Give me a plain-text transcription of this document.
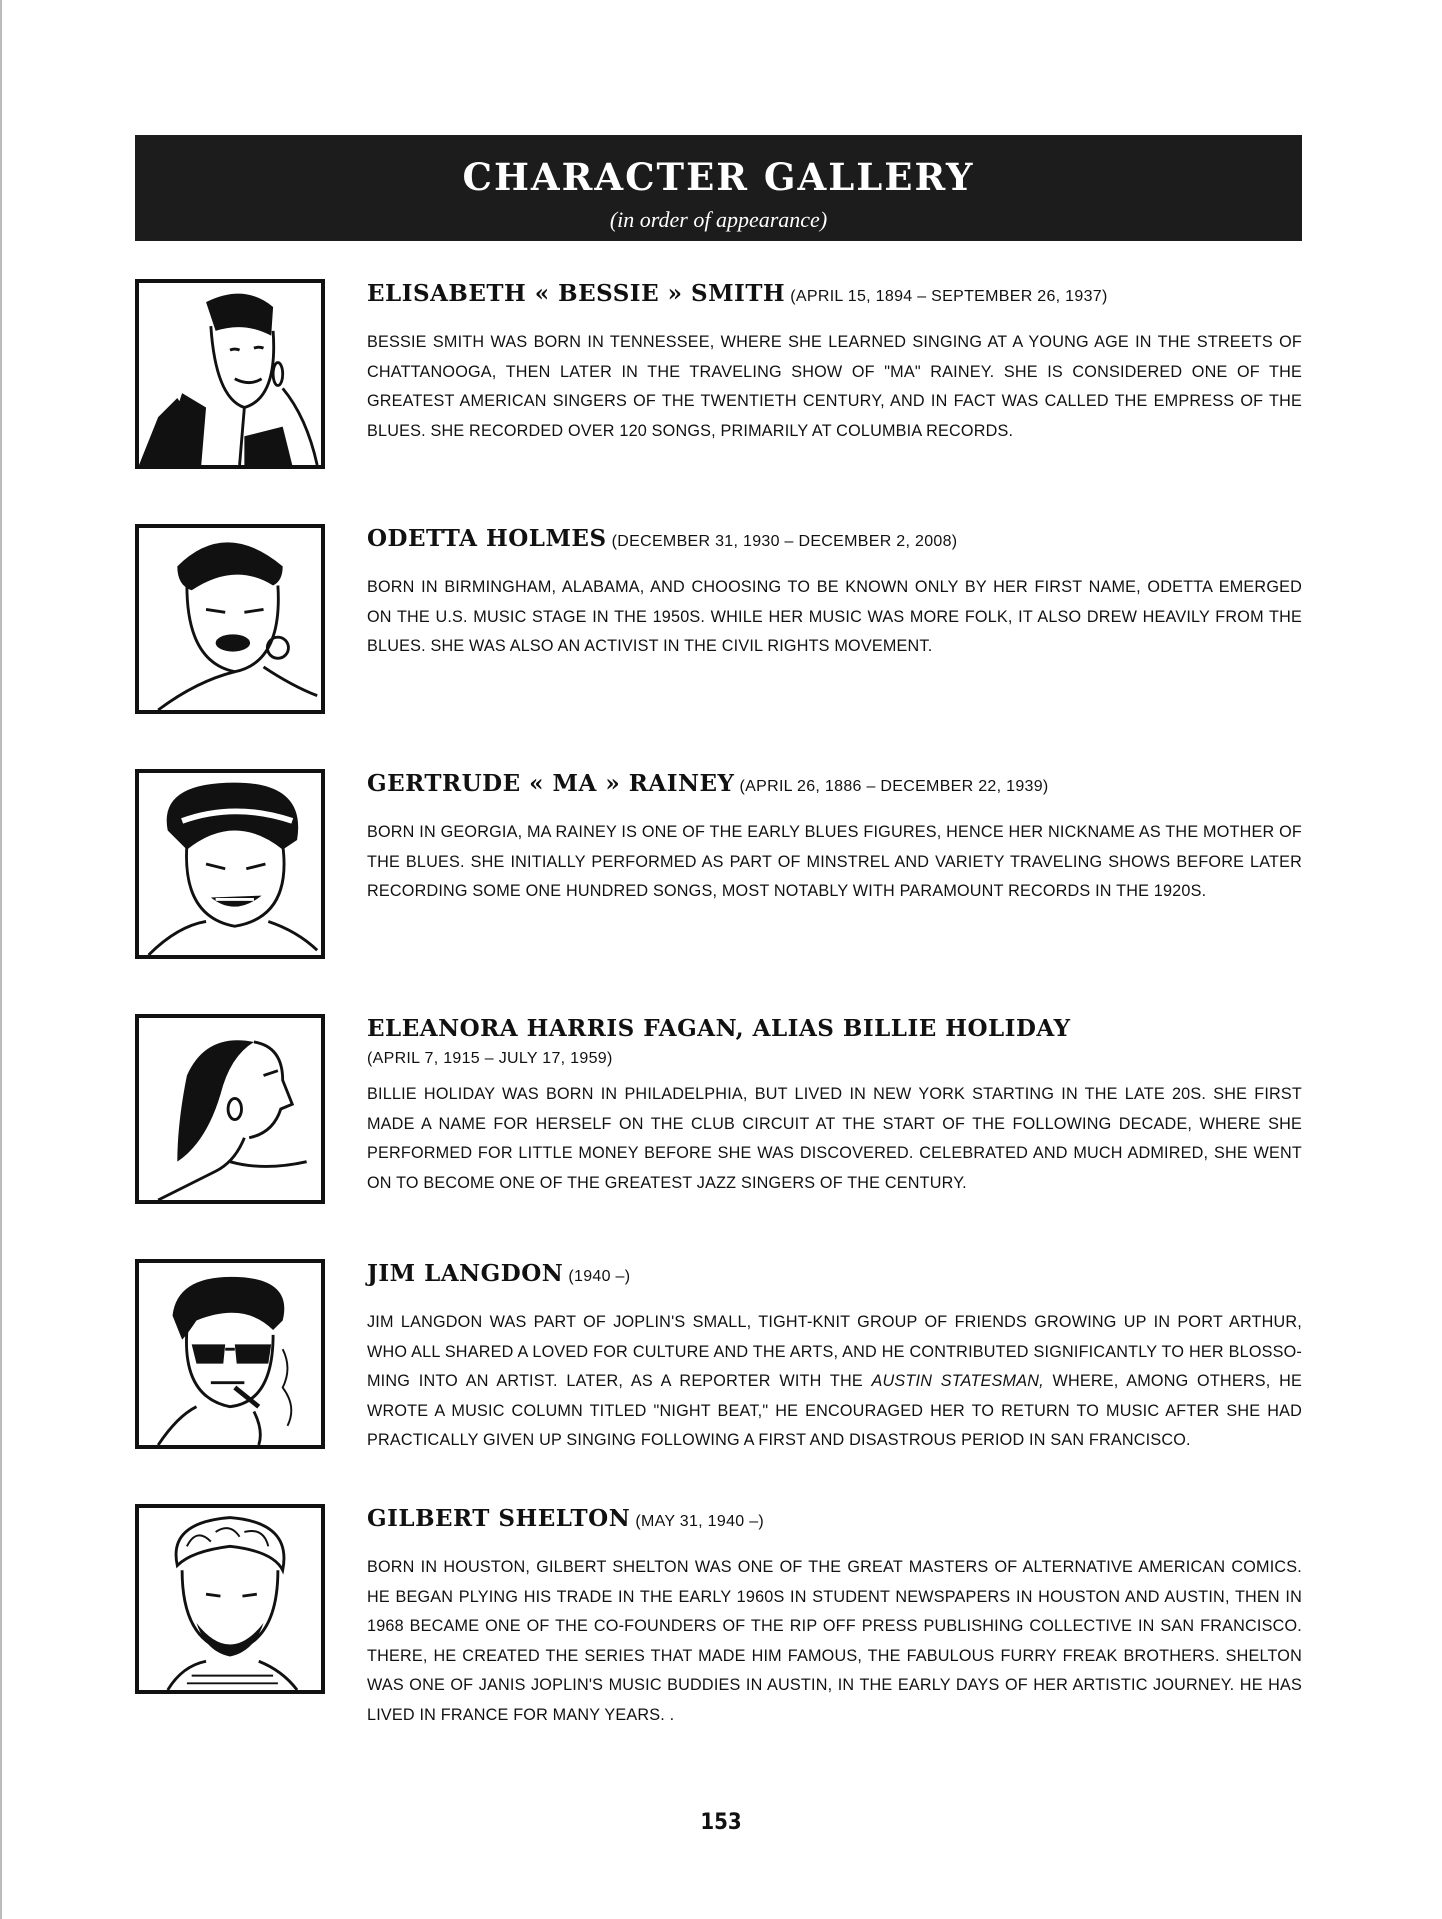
CHARACTER GALLERY
(in order of appearance)

ELISABETH « BESSIE » SMITH (APRIL 15, 1894 – SEPTEMBER 26, 1937)

BESSIE SMITH WAS BORN IN TENNESSEE, WHERE SHE LEARNED SINGING AT A YOUNG AGE IN THE STREETS OF CHATTANOOGA, THEN LATER IN THE TRAVELING SHOW OF "MA" RAINEY. SHE IS CONSIDERED ONE OF THE GREATEST AMERICAN SINGERS OF THE TWENTIETH CENTURY, AND IN FACT WAS CALLED THE EMPRESS OF THE BLUES. SHE RECORDED OVER 120 SONGS, PRIMARILY AT COLUMBIA RECORDS.

ODETTA HOLMES (DECEMBER 31, 1930 – DECEMBER 2, 2008)

BORN IN BIRMINGHAM, ALABAMA, AND CHOOSING TO BE KNOWN ONLY BY HER FIRST NAME, ODETTA EMERGED ON THE U.S. MUSIC STAGE IN THE 1950S. WHILE HER MUSIC WAS MORE FOLK, IT ALSO DREW HEAVILY FROM THE BLUES. SHE WAS ALSO AN ACTIVIST IN THE CIVIL RIGHTS MOVEMENT.

GERTRUDE « MA » RAINEY (APRIL 26, 1886 – DECEMBER 22, 1939)

BORN IN GEORGIA, MA RAINEY IS ONE OF THE EARLY BLUES FIGURES, HENCE HER NICKNAME AS THE MOTHER OF THE BLUES. SHE INITIALLY PERFORMED AS PART OF MINSTREL AND VARIETY TRAVELING SHOWS BEFORE LATER RECORDING SOME ONE HUNDRED SONGS, MOST NOTABLY WITH PARAMOUNT RECORDS IN THE 1920S.

ELEANORA HARRIS FAGAN, ALIAS BILLIE HOLIDAY

(APRIL 7, 1915 – JULY 17, 1959)
BILLIE HOLIDAY WAS BORN IN PHILADELPHIA, BUT LIVED IN NEW YORK STARTING IN THE LATE 20S. SHE FIRST MADE A NAME FOR HERSELF ON THE CLUB CIRCUIT AT THE START OF THE FOLLOWING DECADE, WHERE SHE PERFORMED FOR LITTLE MONEY BEFORE SHE WAS DISCOVERED. CELEBRATED AND MUCH ADMIRED, SHE WENT ON TO BECOME ONE OF THE GREATEST JAZZ SINGERS OF THE CENTURY.

JIM LANGDON (1940 –)

JIM LANGDON WAS PART OF JOPLIN'S SMALL, TIGHT-KNIT GROUP OF FRIENDS GROWING UP IN PORT ARTHUR, WHO ALL SHARED A LOVED FOR CULTURE AND THE ARTS, AND HE CONTRIBUTED SIGNIFICANTLY TO HER BLOSSO-MING INTO AN ARTIST. LATER, AS A REPORTER WITH THE AUSTIN STATESMAN, WHERE, AMONG OTHERS, HE WROTE A MUSIC COLUMN TITLED "NIGHT BEAT," HE ENCOURAGED HER TO RETURN TO MUSIC AFTER SHE HAD PRACTICALLY GIVEN UP SINGING FOLLOWING A FIRST AND DISASTROUS PERIOD IN SAN FRANCISCO.

GILBERT SHELTON (MAY 31, 1940 –)

BORN IN HOUSTON, GILBERT SHELTON WAS ONE OF THE GREAT MASTERS OF ALTERNATIVE AMERICAN COMICS. HE BEGAN PLYING HIS TRADE IN THE EARLY 1960S IN STUDENT NEWSPAPERS IN HOUSTON AND AUSTIN, THEN IN 1968 BECAME ONE OF THE CO-FOUNDERS OF THE RIP OFF PRESS PUBLISHING COLLECTIVE IN SAN FRANCISCO. THERE, HE CREATED THE SERIES THAT MADE HIM FAMOUS, THE FABULOUS FURRY FREAK BROTHERS. SHELTON WAS ONE OF JANIS JOPLIN'S MUSIC BUDDIES IN AUSTIN, IN THE EARLY DAYS OF HER ARTISTIC JOURNEY. HE HAS LIVED IN FRANCE FOR MANY YEARS. .
153
